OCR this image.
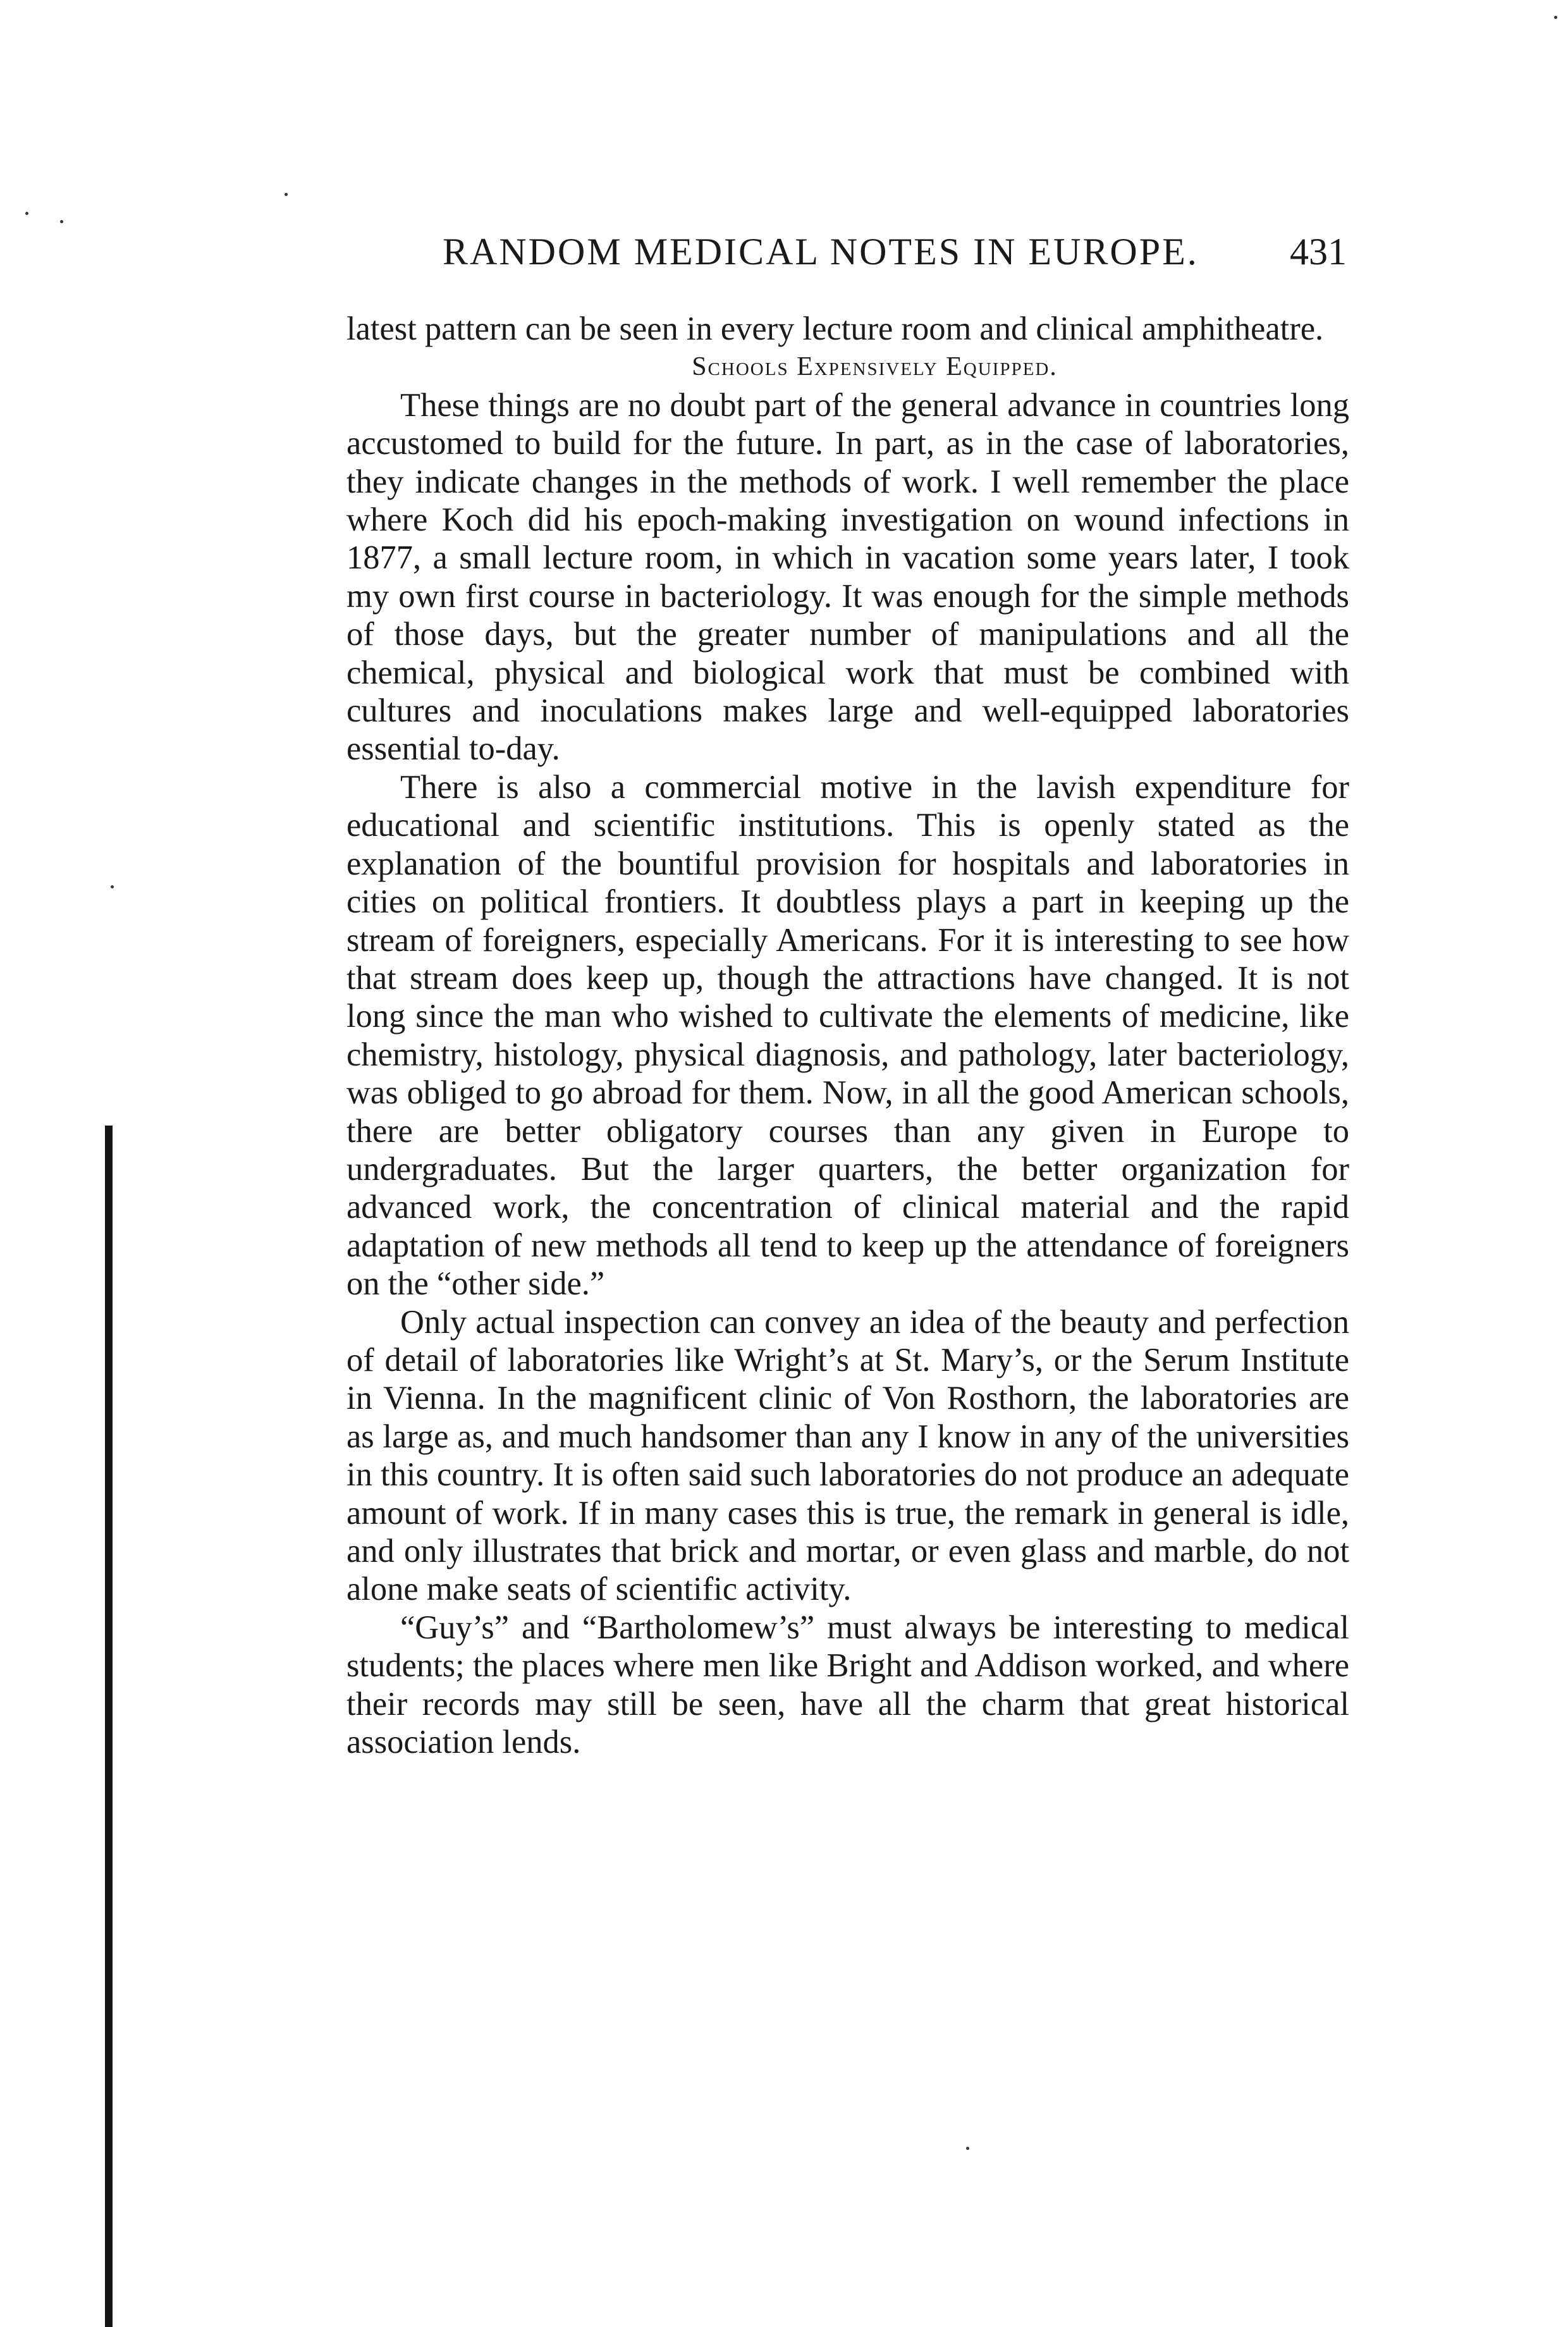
RANDOM MEDICAL NOTES IN EUROPE.	431

latest pattern can be seen in every lecture room and clinical amphitheatre.

Schools Expensively Equipped.

These things are no doubt part of the general advance in countries long accustomed to build for the future. In part, as in the case of laboratories, they indicate changes in the methods of work. I well remember the place where Koch did his epoch-making investigation on wound infections in 1877, a small lecture room, in which in vacation some years later, I took my own first course in bacteriology. It was enough for the simple methods of those days, but the greater number of manipulations and all the chemical, physical and biological work that must be combined with cultures and inoculations makes large and well-equipped laboratories essential to-day.

There is also a commercial motive in the lavish expenditure for educational and scientific institutions. This is openly stated as the explanation of the bountiful provision for hospitals and laboratories in cities on political frontiers. It doubtless plays a part in keeping up the stream of foreigners, especially Americans. For it is interesting to see how that stream does keep up, though the attractions have changed. It is not long since the man who wished to cultivate the elements of medicine, like chemistry, histology, physical diagnosis, and pathology, later bacteriology, was obliged to go abroad for them. Now, in all the good American schools, there are better obligatory courses than any given in Europe to undergraduates. But the larger quarters, the better organization for advanced work, the concentration of clinical material and the rapid adaptation of new methods all tend to keep up the attendance of foreigners on the “other side.”

Only actual inspection can convey an idea of the beauty and perfection of detail of laboratories like Wright’s at St. Mary’s, or the Serum Institute in Vienna. In the magnificent clinic of Von Rosthorn, the laboratories are as large as, and much handsomer than any I know in any of the universities in this country. It is often said such laboratories do not produce an adequate amount of work. If in many cases this is true, the remark in general is idle, and only illustrates that brick and mortar, or even glass and marble, do not alone make seats of scientific activity.

“Guy’s” and “Bartholomew’s” must always be interesting to medical students; the places where men like Bright and Addison worked, and where their records may still be seen, have all the charm that great historical association lends.
